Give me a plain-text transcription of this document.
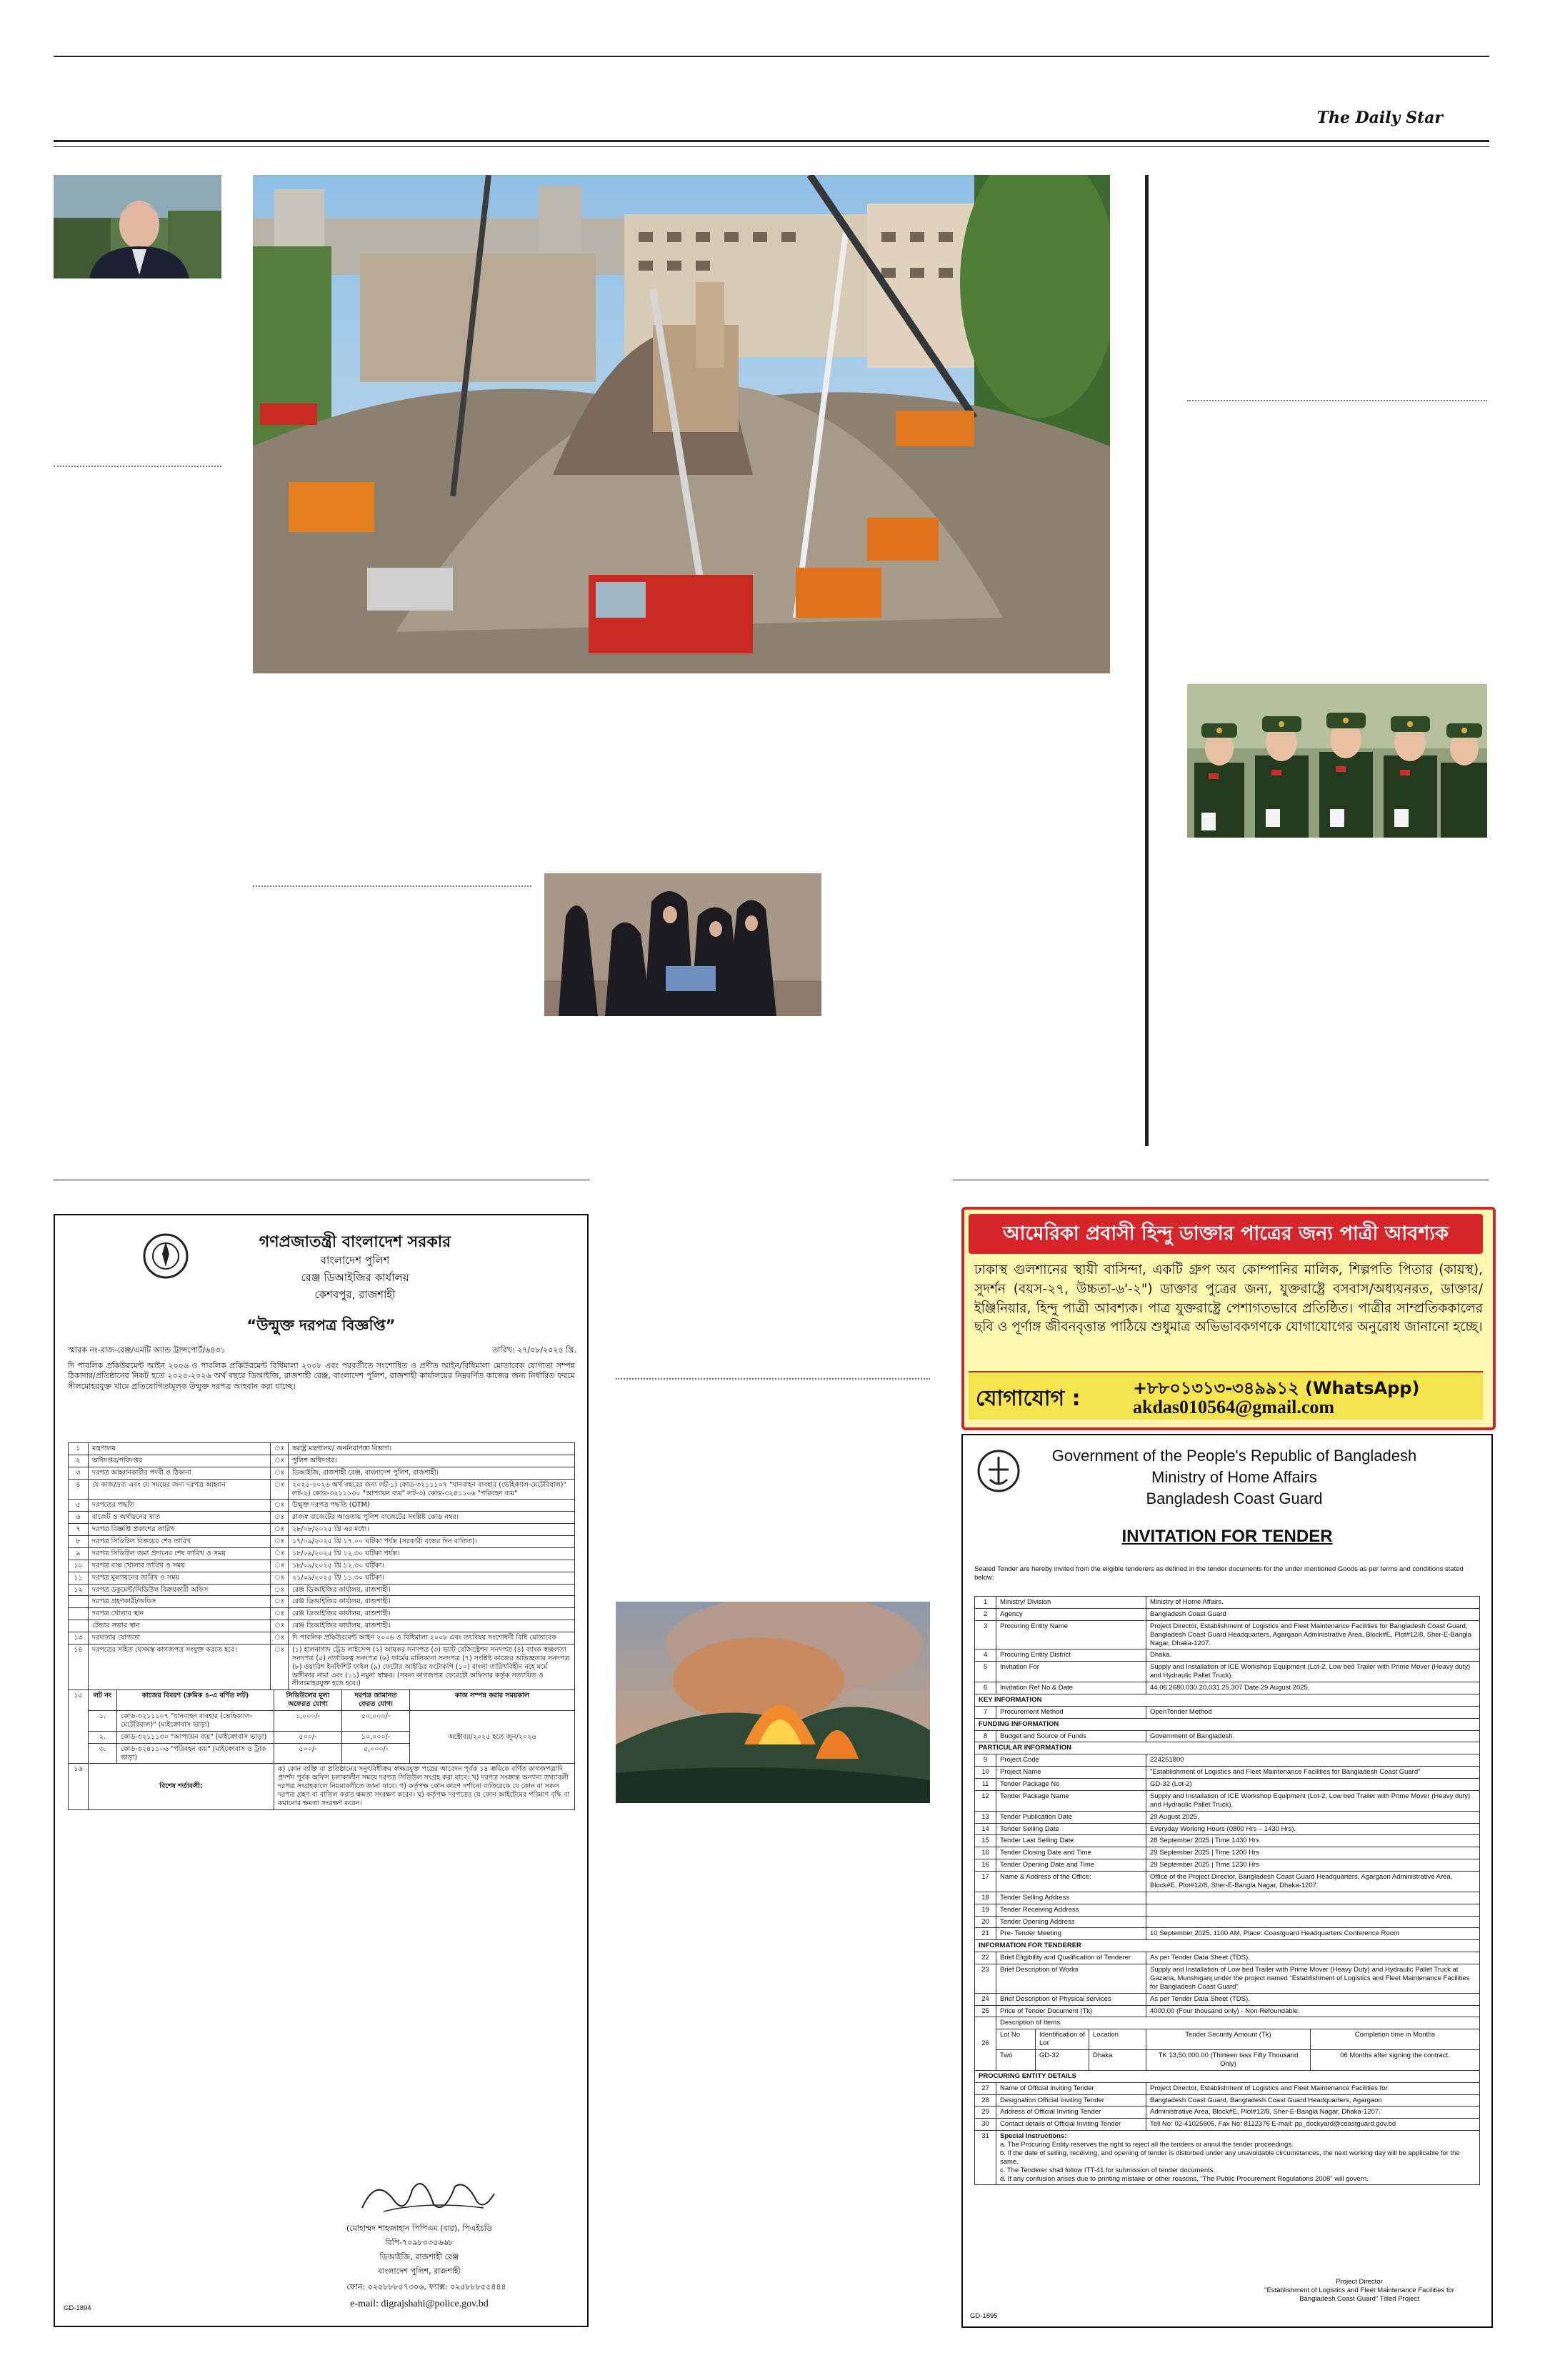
The Daily Star
গণপ্রজাতন্ত্রী বাংলাদেশ সরকার
বাংলাদেশ পুলিশ
রেঞ্জ ডিআইজির কার্যালয়
কেশবপুর, রাজশাহী
“উন্মুক্ত দরপত্র বিজ্ঞপ্তি”
স্মারক নং-রাজ-রেঞ্জ/এমটি অ্যান্ড ট্রান্সপোর্ট/৬৪৩১	তারিখ: ২৭/০৮/২০২৫ খ্রি.
দি পাবলিক প্রকিউরমেন্ট আইন ২০০৬ ও পাবলিক প্রকিউরমেন্ট বিধিমালা ২০০৮ এবং পরবর্তীতে সংশোধিত ও প্রণীত আইন/বিধিমালা মোতাবেক যোগ্যতা সম্পন্ন ঠিকাদার/প্রতিষ্ঠানের নিকট হতে ২০২৫-২০২৬ অর্থ বছরে ডিআইজি, রাজশাহী রেঞ্জ, বাংলাদেশ পুলিশ, রাজশাহী কার্যালয়ের নিম্নবর্ণিত কাজের জন্য নির্ধারিত ফরমে সীলমোহরযুক্ত খামে প্রতিযোগিতামূলক উন্মুক্ত দরপত্র আহবান করা যাচ্ছে।
১	মন্ত্রণালয়	ঃ	স্বরাষ্ট্র মন্ত্রণালয়/ জননিরাপত্তা বিভাগ।
২	অধিদপ্তর/পরিদপ্তর	ঃ	পুলিশ অধিদপ্তর।
৩	দরপত্র আহ্বানকারীর পদবী ও ঠিকানা	ঃ	ডিআইজি, রাজশাহী রেঞ্জ, বাংলাদেশ পুলিশ, রাজশাহী।
৪	যে কাজ/দ্রব্য এবং যে সময়ের জন্য দরপত্র আহ্বান	ঃ	২০২৫-২০২৬ অর্থ বছরের জন্য লট-১) কোড-৩২১১১০৭ "যানবাহন ব্যবহার (ভেহিক্যাল-মেটেরিয়াল)" লট-২) কোড-৩২১১১৩০ "আপ্যায়ন ব্যয়" লট-৩) কোড-৩২৪১১০৬ "পরিবহন ব্যয়"
৫	দরপত্রের পদ্ধতি	ঃ	উন্মুক্ত দরপত্র পদ্ধতি (OTM)
৬	বাজেট ও অর্থায়নের খাত	ঃ	রাজস্ব বাজেটের আওতায় পুলিশ বাজেটের সংশ্লিষ্ট কোড নম্বর।
৭	দরপত্র বিজ্ঞপ্তি প্রকাশের তারিখ	ঃ	২৮/০৮/২০২৫ খ্রি এর মধ্যে।
৮	দরপত্র সিডিউল বিক্রয়ের শেষ তারিখ	ঃ	১৭/০৯/২০২৫ খ্রি ১৭.০০ ঘটিকা পর্যন্ত (সরকারী বন্ধের দিন ব্যতিত)।
৯	দরপত্র সিডিউল জমা প্রদানের শেষ তারিখ ও সময়	ঃ	১৮/০৯/২০২৫ খ্রি ১২.৩০ ঘটিকা পর্যন্ত।
১০	দরপত্র বাক্স খোলার তারিখ ও সময়	ঃ	১৮/০৯/২০২৫ খ্রি ১২.৩০ ঘটিকা।
১১	দরপত্র মূল্যায়নের তারিখ ও সময়	ঃ	২১/০৯/২০২৫ খ্রি ১১.৩০ ঘটিকা।
১২	দরপত্র ডকুমেন্ট/সিডিউল বিক্রয়কারী অফিস	ঃ	রেঞ্জ ডিআইজির কার্যালয়, রাজশাহী।
	দরপত্র গ্রহণকারী/অফিস	ঃ	রেঞ্জ ডিআইজির কার্যালয়, রাজশাহী।
	দরপত্র খোলার স্থান	ঃ	রেঞ্জ ডিআইজির কার্যালয়, রাজশাহী।
	টেন্ডার সভার স্থান	ঃ	রেঞ্জ ডিআইজির কার্যালয়, রাজশাহী।
১৩	দরদাতার যোগ্যতা	ঃ	দি পাবলিক প্রকিউরমেন্ট আইন ২০০৬ ও বিধিমালা ২০০৮ এবং তৎবিষয় সংশোধনী বিধি মোতাবেক
১৪	দরপত্রের সহিত যেসমস্ত কাগজপত্র সংযুক্ত করতে হবে।	ঃ	(১) হালনাগাদ ট্রেড লাইসেন্স (২) আয়কর সনদপত্র (৩) ভ্যাট রেজিস্ট্রেশন সনদপত্র (৪) ব্যাংক স্বচ্ছলতা সনদপত্র (৫) নাগরিকত্ব সনদপত্র (৬) ফার্মের মালিকানা সনদপত্র (৭) সংশ্লিষ্ট কাজের অভিজ্ঞতার সনদপত্র (৮) ওয়ারিশ ইনফিশিট ফাইল (৯) ফেটোর আইডির ফটোকপি (১০) বাংলা তারিখবিহীন নহে মর্মে অঙ্গীকার নামা এবং (১১) নমুনা স্বাক্ষর। (সকল কাগজপত্র ফেরেটো অফিসার কর্তৃক সত্যায়িত ও সীলমোহরযুক্ত হতে হবে।)
১৫	লট নং	কাজের বিবরণ (ক্রমিক ৪-এ বর্ণিত লট)	সিডিউলের মূল্য অফেরত যোগ্য	দরপত্র জামানত ফেরত যোগ্য	কাজ সম্পন্ন করার সময়কাল
	১.	কোড-৩২১১১০৭ "যানবাহন ব্যবহার (ভেহিক্যাল-মেটেরিয়াল)" (মাইক্রোবাস ভাড়া)	১,০০০/-	৫০,০০০/-	অক্টোবর/২০২৫ হতে জুন/২০২৬
	২.	কোড-৩২১১১৩০ "আপ্যায়ন ব্যয়" (মাইক্রোবাস ভাড়া)	৫০০/-	১০,০০০/-	
	৩.	কোড-৩২৪১১০৬ "পরিবহন ব্যয়" (মাইক্রোবাস ও ট্রাক ভাড়া)	৫০০/-	৫,০০০/-	
১৬	বিশেষ শর্তাবলী:		ক) কোন ব্যক্তি বা প্রতিষ্ঠানের সনুৎবিধীক্রম স্বাক্ষরযুক্ত পত্রের আবেদন পূর্বক ১৪ ক্রমিকে বর্ণিত কাগজপত্রাদি প্রদর্শন পূর্বক অফিস চলাকালীন সময়ে দরপত্র সিডিউল সংগ্রহ করা যাবে। খ) দরপত্র সংক্রান্ত অন্যান্য তথ্যাবলী দরপত্র সংগ্রহকালে নিয়মাবলীতে জানা যাবে। গ) কর্তৃপক্ষ কোন কারণ দর্শানো ব্যতিরেকে যে কোন বা সকল দরপত্র গ্রহণ বা বাতিল করার ক্ষমতা সংরক্ষণ করেন। ঘ) কর্তৃপক্ষ দরপত্রের যে কোন আইটেমের পরিমাণ বৃদ্ধি বা কমানোর ক্ষমতা সংরক্ষণ করেন।		
(মোহাম্মদ শাহজাহান পিপিএম (বার), পিএইচডি
বিপি-৭০৯৮০৩৫৬৬৮
ডিআইজি, রাজশাহী রেঞ্জ
বাংলাদেশ পুলিশ, রাজশাহী
ফোন: ০২৫৮৮৮৫৭৩০৬, ফ্যাক্স: ০২৫৮৮৮৫৫৪৪৪
e-mail: digrajshahi@police.gov.bd
GD-1894
আমেরিকা প্রবাসী হিন্দু ডাক্তার পাত্রের জন্য পাত্রী আবশ্যক
ঢাকাস্থ গুলশানের স্থায়ী বাসিন্দা, একটি গ্রুপ অব কোম্পানির মালিক, শিল্পপতি পিতার (কায়স্থ), সুদর্শন (বয়স-২৭, উচ্চতা-৬'-২") ডাক্তার পুত্রের জন্য, যুক্তরাষ্ট্রে বসবাস/অধ্যয়নরত, ডাক্তার/ইঞ্জিনিয়ার, হিন্দু পাত্রী আবশ্যক। পাত্র যুক্তরাষ্ট্রে পেশাগতভাবে প্রতিষ্ঠিত। পাত্রীর সাম্প্রতিককালের ছবি ও পূর্ণাঙ্গ জীবনবৃত্তান্ত পাঠিয়ে শুধুমাত্র অভিভাবকগণকে যোগাযোগের অনুরোধ জানানো হচ্ছে।
যোগাযোগ :	+৮৮০১৩১৩-৩৪৯৯১২ (WhatsApp)
akdas010564@gmail.com
Government of the People's Republic of Bangladesh
Ministry of Home Affairs
Bangladesh Coast Guard
INVITATION FOR TENDER
Sealed Tender are hereby invited from the eligible tenderers as defined in the tender documents for the under mentioned Goods as per terms and conditions stated below:
1	Ministry/ Division	Ministry of Home Affairs.
2	Agency	Bangladesh Coast Guard
3	Procuring Entity Name	Project Director, Establishment of Logistics and Fleet Maintenance Facilities for Bangladesh Coast Guard, Bangladesh Coast Guard Headquarters, Agargaon Administrative Area, Block#E, Plot#12/8, Sher-E-Bangla Nagar, Dhaka-1207.
4	Procuring Entity District	Dhaka.
5	Invitation For	Supply and Installation of ICE Workshop Equipment (Lot-2, Low bed Trailer with Prime Mover (Heavy duty) and Hydraulic Pallet Truck).
6	Invitation Ref No & Date	44.06.2680.030.20.031.25.307 Date 29 August 2025.
KEY INFORMATION		
7	Procurement Method	OpenTender Method
FUNDING INFORMATION		
8	Budget and Source of Funds	Government of Bangladesh.
PARTICULAR INFORMATION		
9	Project Code	224251800
10	Project Name	"Establishment of Logistics and Fleet Maintenance Facilities for Bangladesh Coast Guard"
11	Tender Package No	GD-32 (Lot-2)
12	Tender Package Name	Supply and Installation of ICE Workshop Equipment (Lot-2, Low bed Trailer with Prime Mover (Heavy duty) and Hydraulic Pallet Truck).
13	Tender Publication Date	29 August 2025.
14	Tender Selling Date	Everyday Working Hours (0800 Hrs – 1430 Hrs).
15	Tender Last Selling Date	28 September 2025 | Time 1430 Hrs
16	Tender Closing Date and Time	29 September 2025 | Time 1200 Hrs
16	Tender Opening Date and Time	29 September 2025 | Time 1230 Hrs
17	Name & Address of the Office:	Office of the Project Director, Bangladesh Coast Guard Headquarters, Agargaon Administrative Area, Block#E, Plot#12/8, Sher-E-Bangla Nagar, Dhaka-1207.
18	Tender Selling Address	
19	Tender Receiving Address	
20	Tender Opening Address	
21	Pre- Tender Meeting	10 September 2025, 1100 AM, Place: Coastguard Headquarters Conference Room
INFORMATION FOR TENDERER		
22	Brief Eligibility and Qualification of Tenderer	As per Tender Data Sheet (TDS).
23	Brief Description of Works	Supply and Installation of Low bed Trailer with Prime Mover (Heavy Duty) and Hydraulic Pallet Truck at Gazaria, Munshiganj under the project named "Establishment of Logistics and Fleet Maintenance Facilities for Bangladesh Coast Guard"
24	Brief Description of Physical services	As per Tender Data Sheet (TDS).
25	Price of Tender Document (Tk)	4000.00 (Four thousand only) - Non Refoundable.
26	Description of Items				
	Lot No	Identification of Lot	Location	Tender Security Amount (Tk)	Completion time in Months
	Two	GD-32	Dhaka	TK 13,50,000.00 (Thirteen lass Fifty Thousand Only)	06 Months after signing the contract.
PROCURING ENTITY DETAILS		
27	Name of Official Inviting Tender	Project Director, Establishment of Logistics and Fleet Maintenance Facilities for
28	Designation Official Inviting Tender	Bangladesh Coast Guard, Bangladesh Coast Guard Headquarters, Agargaon
29	Address of Official Inviting Tender	Administrative Area, Block#E, Plot#12/8, Sher-E-Bangla Nagar, Dhaka-1207.
30	Contact details of Official Inviting Tender	Tell No: 02-41025605, Fax No: 8112376 E-mail: pp_dockyard@coastguard.gov.bd
31	Special Instructions:
a. The Procuring Entity reserves the right to reject all the tenders or annul the tender proceedings.
b. If the date of selling, receiving, and opening of tender is disturbed under any unavoidable circumstances, the next working day will be applicable for the same.
c. The Tenderer shall follow ITT-41 for submission of tender documents.
d. If any confusion arises due to printing mistake or other reasons, "The Public Procurement Regulations 2008" will govern.
Project Director
"Establishment of Logistics and Fleet Maintenance Facilities for
Bangladesh Coast Guard" Titled Project
GD-1895
